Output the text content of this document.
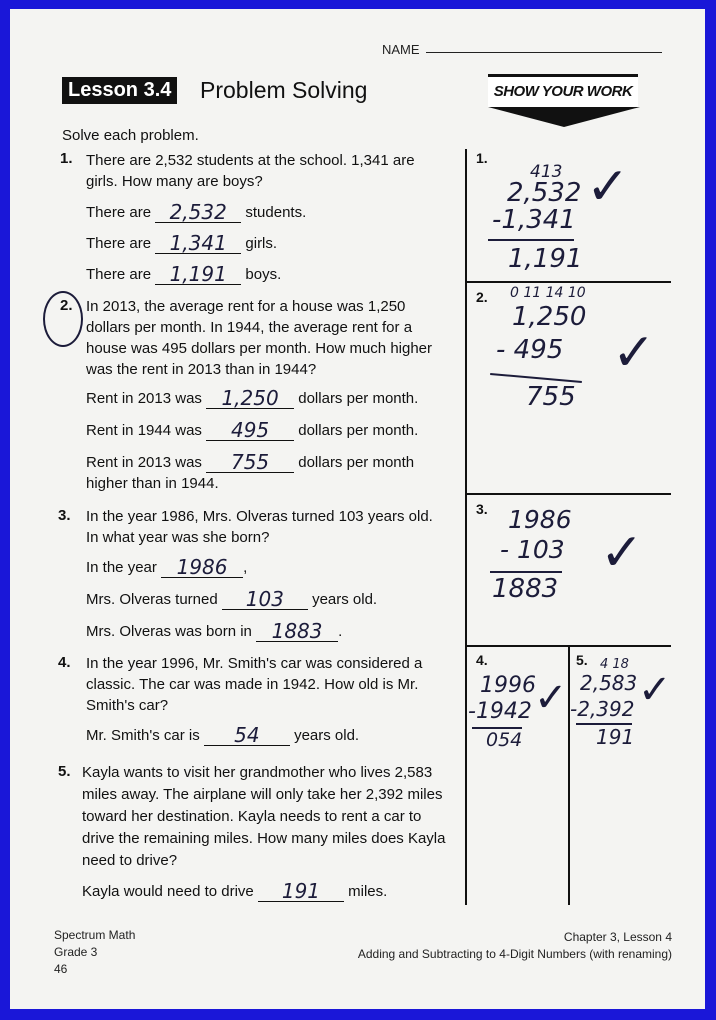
NAME
Lesson 3.4 Problem Solving	SHOW YOUR WORK
Solve each problem.
1. There are 2,532 students at the school. 1,341 are girls. How many are boys?
There are 2,532 students.
There are 1,341 girls.
There are 1,191 boys.
2. In 2013, the average rent for a house was 1,250 dollars per month. In 1944, the average rent for a house was 495 dollars per month. How much higher was the rent in 2013 than in 1944?
Rent in 2013 was 1,250 dollars per month.
Rent in 1944 was 495 dollars per month.
Rent in 2013 was 755 dollars per month higher than in 1944.
3. In the year 1986, Mrs. Olveras turned 103 years old. In what year was she born?
In the year 1986 ,
Mrs. Olveras turned 103 years old.
Mrs. Olveras was born in 1883 .
4. In the year 1996, Mr. Smith's car was considered a classic. The car was made in 1942. How old is Mr. Smith's car?
Mr. Smith's car is 54 years old.
5. Kayla wants to visit her grandmother who lives 2,583 miles away. The airplane will only take her 2,392 miles toward her destination. Kayla needs to rent a car to drive the remaining miles. How many miles does Kayla need to drive?
Kayla would need to drive 191 miles.
1.
413
2,532
-1,341
1,191
✓
2. 0 11 14 10
1,250
- 495
755
✓
3. 1986
- 103
1883
✓
4.
1996
-1942
054
✓
5. 4 18
2,583
-2,392
191
✓
Spectrum Math
Grade 3
46
Chapter 3, Lesson 4
Adding and Subtracting to 4-Digit Numbers (with renaming)
